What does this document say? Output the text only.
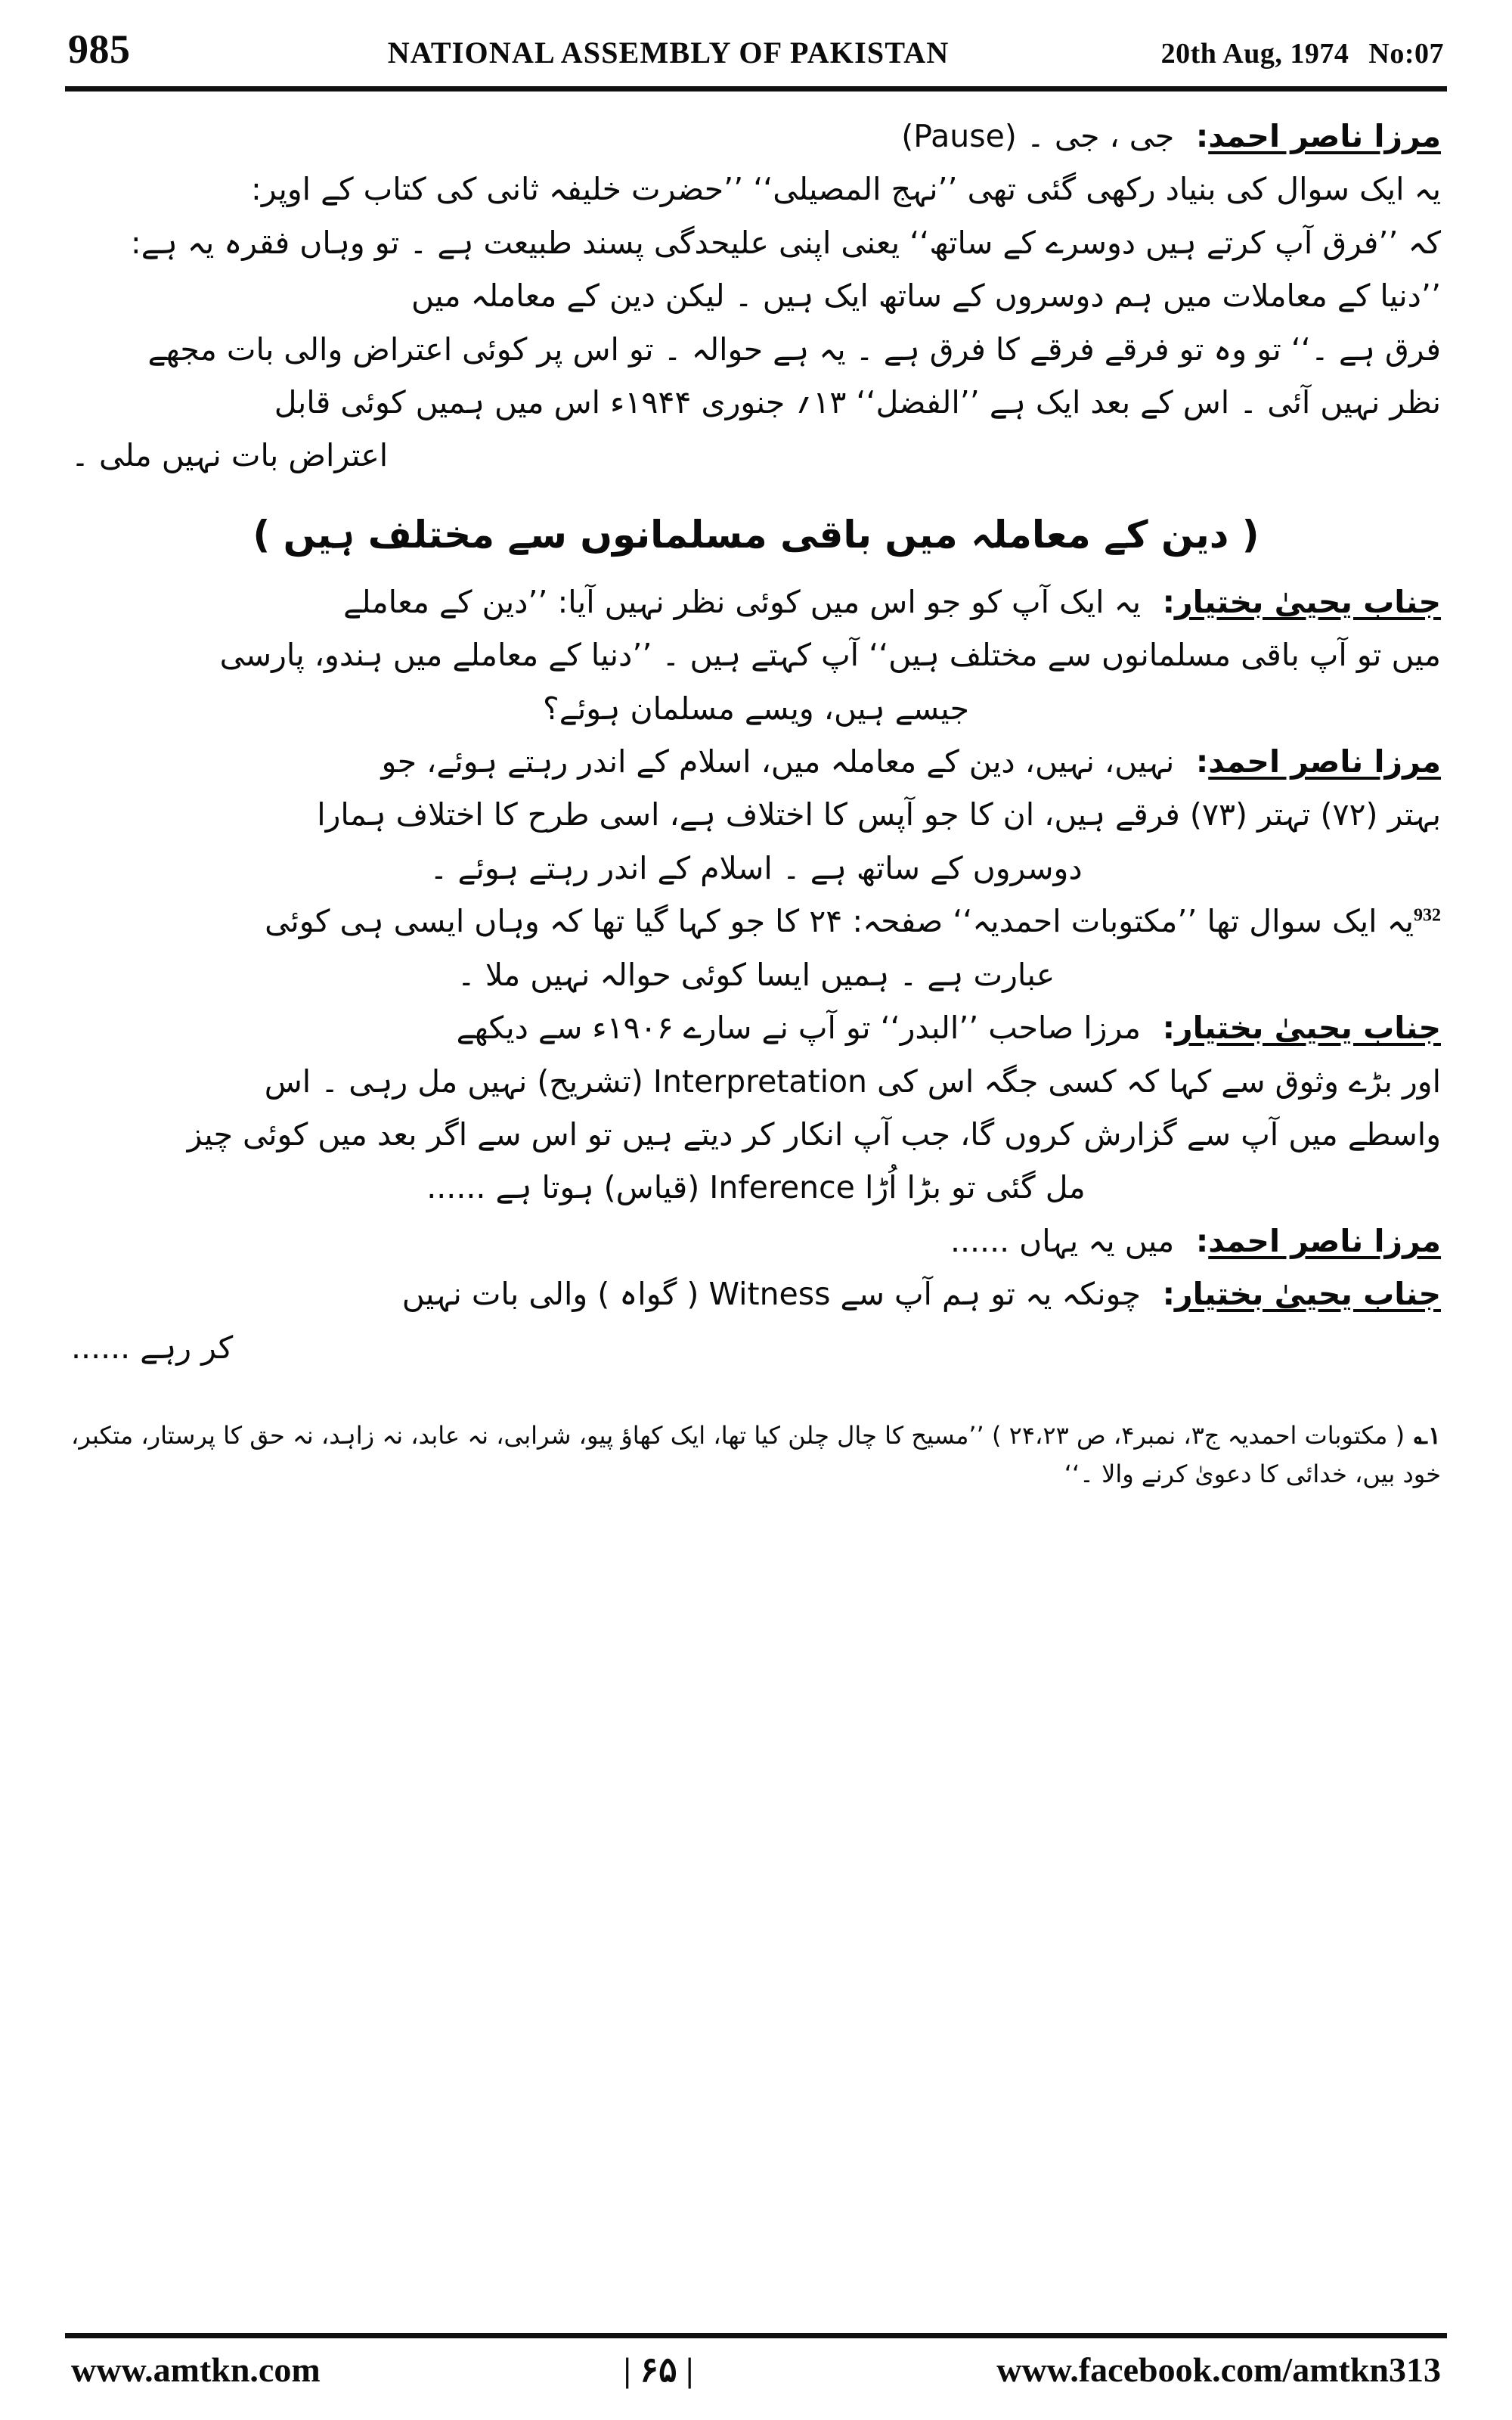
985	NATIONAL ASSEMBLY OF PAKISTAN	20th Aug, 1974 No:07

مرزا ناصر احمد:  جی ، جی ۔ (Pause)

یہ ایک سوال کی بنیاد رکھی گئی تھی ’’نہج المصیلی‘‘ ’’حضرت خلیفہ ثانی کی کتاب کے اوپر:

کہ ’’فرق آپ کرتے ہیں دوسرے کے ساتھ‘‘ یعنی اپنی علیحدگی پسند طبیعت ہے ۔ تو وہاں فقرہ یہ ہے:

’’دنیا کے معاملات میں ہم دوسروں کے ساتھ ایک ہیں ۔ لیکن دین کے معاملہ میں

فرق ہے ۔‘‘ تو وہ تو فرقے فرقے کا فرق ہے ۔ یہ ہے حوالہ ۔ تو اس پر کوئی اعتراض والی بات مجھے

نظر نہیں آئی ۔ اس کے بعد ایک ہے ’’الفضل‘‘ ۱۳؍ جنوری ۱۹۴۴ء اس میں ہمیں کوئی قابل

اعتراض بات نہیں ملی ۔

( دین کے معاملہ میں باقی مسلمانوں سے مختلف ہیں )

جناب یحییٰ بختیار:  یہ ایک آپ کو جو اس میں کوئی نظر نہیں آیا: ’’دین کے معاملے

میں تو آپ باقی مسلمانوں سے مختلف ہیں‘‘ آپ کہتے ہیں ۔ ’’دنیا کے معاملے میں ہندو، پارسی

جیسے ہیں، ویسے مسلمان ہوئے؟

مرزا ناصر احمد:  نہیں، نہیں، دین کے معاملہ میں، اسلام کے اندر رہتے ہوئے، جو

بہتر (۷۲) تہتر (۷۳) فرقے ہیں، ان کا جو آپس کا اختلاف ہے، اسی طرح کا اختلاف ہمارا

دوسروں کے ساتھ ہے ۔ اسلام کے اندر رہتے ہوئے ۔

$^{932}$یہ ایک سوال تھا ’’مکتوبات احمدیہ‘‘ صفحہ: ۲۴ کا جو کہا گیا تھا کہ وہاں ایسی ہی کوئی

عبارت ہے ۔ ہمیں ایسا کوئی حوالہ نہیں ملا ۔

جناب یحییٰ بختیار:  مرزا صاحب ’’البدر‘‘ تو آپ نے سارے ۱۹۰۶ء سے دیکھے

اور بڑے وثوق سے کہا کہ کسی جگہ اس کی Interpretation (تشریح) نہیں مل رہی ۔ اس

واسطے میں آپ سے گزارش کروں گا، جب آپ انکار کر دیتے ہیں تو اس سے اگر بعد میں کوئی چیز

مل گئی تو بڑا اُڑا Inference (قیاس) ہوتا ہے ......

مرزا ناصر احمد:  میں یہ یہاں ......

جناب یحییٰ بختیار:  چونکہ یہ تو ہم آپ سے Witness ( گواہ ) والی بات نہیں

کر رہے ......

۱؎( مکتوبات احمدیہ ج۳، نمبر۴، ص ۲۴،۲۳ ) ’’مسیح کا چال چلن کیا تھا، ایک کھاؤ پیو، شرابی، نہ عابد، نہ زاہد، نہ حق کا پرستار، متکبر، خود بیں، خدائی کا دعویٰ کرنے والا ۔‘‘
www.amtkn.com	| ۶۵ |	www.facebook.com/amtkn313
